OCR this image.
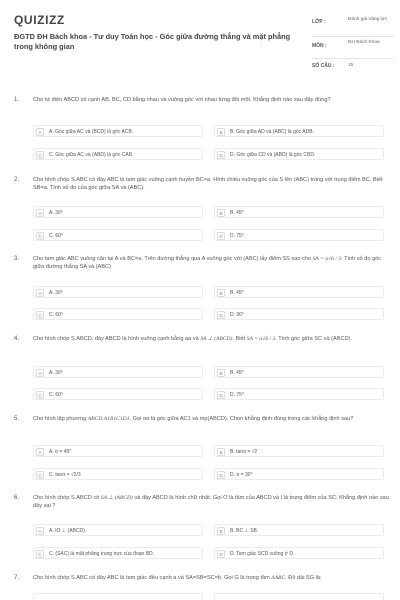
QUIZIZZ
ĐGTD ĐH Bách khoa - Tư duy Toán học - Góc giữa đường thẳng và mặt phẳng trong không gian
LỚP :	Đánh giá năng lực
MÔN :
ĐH Bách Khoa
SỐ CÂU :	15
1. Cho tứ diện ABCD có cạnh AB, BC, CD bằng nhau và vuông góc với nhau từng đôi một. Khẳng định nào sau đây đúng?
A	A. Góc giữa AC và (BCD) là góc ACB.	B	B. Góc giữa AD và (ABC) là góc ADB.
C	C. Góc giữa AC và (ABD) là góc CAB.	D	D. Góc giữa CD và (ABD) là góc CBD.
2. Cho hình chóp S.ABC có đáy ABC là tam giác vuông cạnh huyền BC=a. Hình chiếu vuông góc của S lên (ABC) trùng với trung điểm BC. Biết SB=a. Tính số đo của góc giữa SA và (ABC).
A	A. 30°	B	B. 45°
C	C. 60°	D	D. 75°
3. Cho tam giác ABC vuông cân tại A và BC=a. Trên đường thẳng qua A vuông góc với (ABC) lấy điểm SS sao cho SA = a√6 / 3. Tính số đo góc giữa đường thẳng SA và (ABC)
A	A. 30°	B	B. 45°
C	C. 60°	D	D. 90°
4. Cho hình chóp S.ABCD, đáy ABCD là hình vuông cạnh bằng aa và SA ⊥ (ABCD). Biết SA = a√6 / 3. Tính góc giữa SC và (ABCD).
A	A. 30°	B	B. 45°
C	C. 60°	D	D. 75°
5. Cho hình lập phương ABCD.A1B1C1D1. Gọi αα là góc giữa AC1 và mp(ABCD). Chọn khẳng định đúng trong các khẳng định sau?
A	A. α = 45°	B	B. tanα = √2
C	C. tanα = √2/3	D	D. α = 30°
6. Cho hình chóp S.ABCD có SA ⊥ (ABCD) và đáy ABCD là hình chữ nhật. Gọi O là tâm của ABCD và I là trung điểm của SC. Khẳng định nào sau đây sai ?
A	A. IO ⊥ (ABCD).	B	B. BC ⊥ SB.
C	C. (SAC) là mặt phẳng trung trực của đoạn BD.	D	D. Tam giác SCD vuông ở D.
7. Cho hình chóp S.ABC có đáy ABC là tam giác đều cạnh a và SA=SB=SC=b. Gọi G là trọng tâm ΔABC. Độ dài SG là:
